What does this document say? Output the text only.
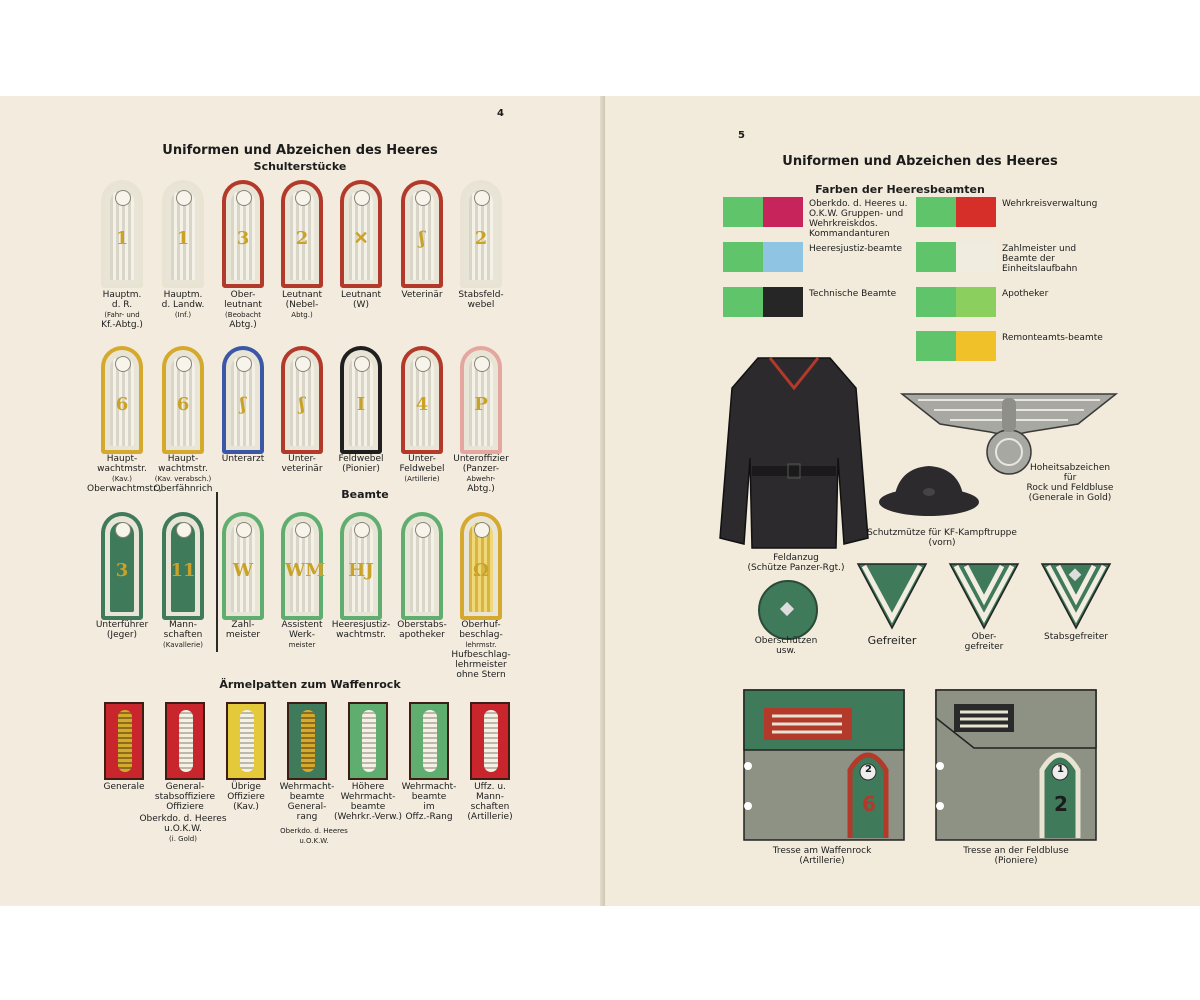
4
Uniformen und Abzeichen des Heeres
Schulterstücke
1
Hauptm.
d. R.
(Fahr- und
Kf.-Abtg.)
1
Hauptm.
d. Landw.
(Inf.)
3
Ober-
leutnant
(Beobacht
Abtg.)
2
Leutnant
(Nebel-
Abtg.)
✕
Leutnant
(W)
ʃ
Veterinär
2
Stabsfeld-
webel
6
Haupt-
wachtmstr.
(Kav.)
Oberwachtmstr.,
6
Haupt-
wachtmstr.
(Kav. verabsch.)
Oberfähnrich
ʃ
Unterarzt
ʃ
Unter-
veterinär
I
Feldwebel
(Pionier)
4
Unter-
Feldwebel
(Artillerie)
P
Unteroffizier
(Panzer-
Abwehr-
Abtg.)
Beamte
3
Unterführer
(Jeger)
11
Mann-
schaften
(Kavallerie)
W
Zahl-
meister
WM
Assistent
Werk-
meister
HJ
Heeresjustiz-
wachtmstr.
Oberstabs-
apotheker
Ω
Oberhuf-
beschlag-
lehrmstr.
Hufbeschlag-
lehrmeister
ohne Stern
Ärmelpatten zum Waffenrock
Generale	General-
stabsoffiziere
Offiziere
Übrige
Offiziere
(Kav.)
Wehrmacht-
beamte
General-
rang
Höhere
Wehrmacht-
beamte
(Wehrkr.-Verw.)
Wehrmacht-
beamte
im
Offz.-Rang
Uffz. u.
Mann-
schaften
(Artillerie)
Oberkdo. d. Heeres
u.O.K.W.
(i. Gold)
Oberkdo. d. Heeres
u.O.K.W.
5
Uniformen und Abzeichen des Heeres
Farben der Heeresbeamten
Oberkdo. d. Heeres u. O.K.W. Gruppen- und Wehrkreiskdos. Kommandanturen
Heeresjustiz-beamte
Technische Beamte
Wehrkreisverwaltung
Zahlmeister und Beamte der Einheitslaufbahn
Apotheker
Remonteamts-beamte
Feldanzug
(Schütze Panzer-Rgt.)
Hoheitsabzeichen
für
Rock und Feldbluse
(Generale in Gold)
Schutzmütze für KF-Kampftruppe
(vorn)
Oberschützen
usw.
Gefreiter	Ober-
gefreiter
Stabsgefreiter
6
2
2
1
Tresse am Waffenrock
(Artillerie)
Tresse an der Feldbluse
(Pioniere)
